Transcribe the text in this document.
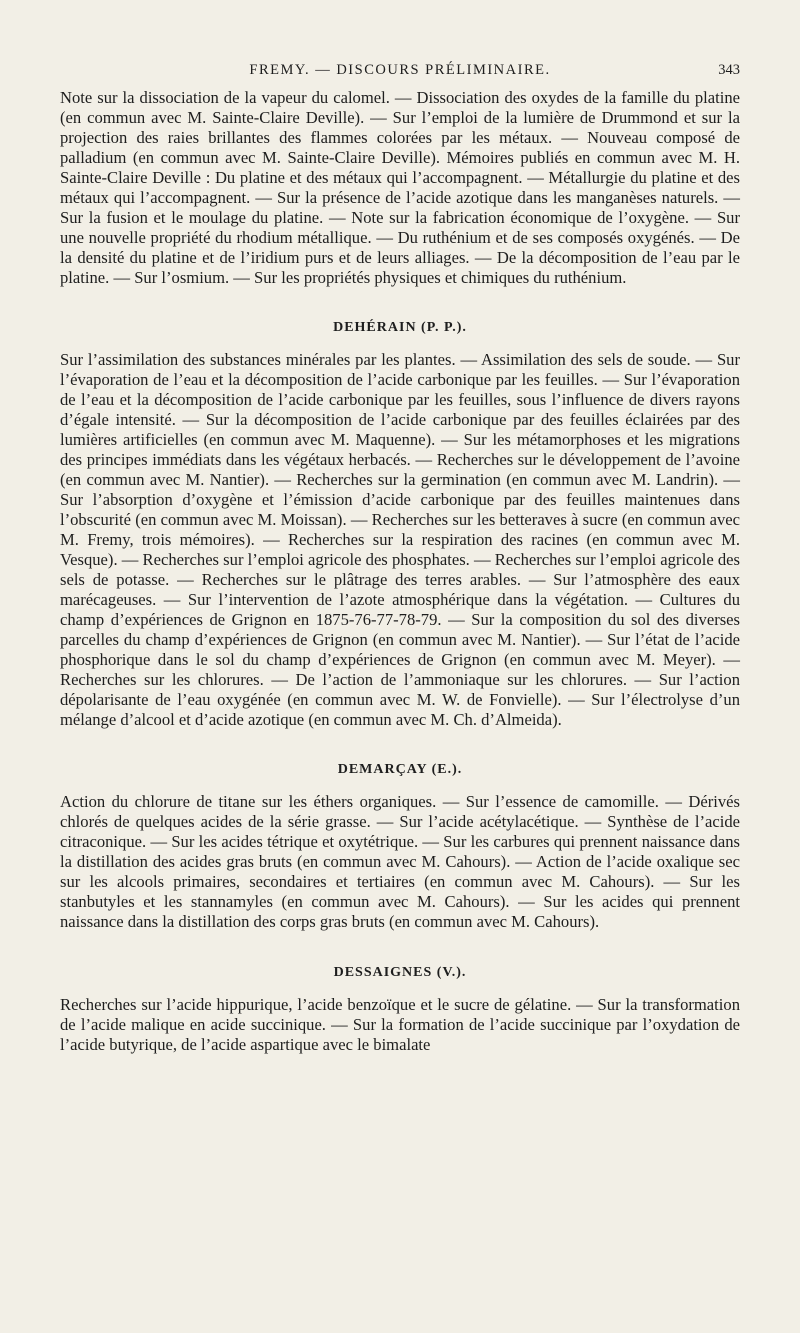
FREMY. — DISCOURS PRÉLIMINAIRE.	343

Note sur la dissociation de la vapeur du calomel. — Dissociation des oxydes de la famille du platine (en commun avec M. Sainte-Claire Deville). — Sur l’emploi de la lumière de Drummond et sur la projection des raies brillantes des flammes colorées par les métaux. — Nouveau composé de palladium (en commun avec M. Sainte-Claire Deville). Mémoires publiés en commun avec M. H. Sainte-Claire Deville : Du platine et des métaux qui l’accompagnent. — Métallurgie du platine et des métaux qui l’accompagnent. — Sur la présence de l’acide azotique dans les manganèses naturels. — Sur la fusion et le moulage du platine. — Note sur la fabrication économique de l’oxygène. — Sur une nouvelle propriété du rhodium métallique. — Du ruthénium et de ses composés oxygénés. — De la densité du platine et de l’iridium purs et de leurs alliages. — De la décomposition de l’eau par le platine. — Sur l’osmium. — Sur les propriétés physiques et chimiques du ruthénium.

DEHÉRAIN (P. P.).

Sur l’assimilation des substances minérales par les plantes. — Assimilation des sels de soude. — Sur l’évaporation de l’eau et la décomposition de l’acide carbonique par les feuilles. — Sur l’évaporation de l’eau et la décomposition de l’acide carbonique par les feuilles, sous l’influence de divers rayons d’égale intensité. — Sur la décomposition de l’acide carbonique par des feuilles éclairées par des lumières artificielles (en commun avec M. Maquenne). — Sur les métamorphoses et les migrations des principes immédiats dans les végétaux herbacés. — Recherches sur le développement de l’avoine (en commun avec M. Nantier). — Recherches sur la germination (en commun avec M. Landrin). — Sur l’absorption d’oxygène et l’émission d’acide carbonique par des feuilles maintenues dans l’obscurité (en commun avec M. Moissan). — Recherches sur les betteraves à sucre (en commun avec M. Fremy, trois mémoires). — Recherches sur la respiration des racines (en commun avec M. Vesque). — Recherches sur l’emploi agricole des phosphates. — Recherches sur l’emploi agricole des sels de potasse. — Recherches sur le plâtrage des terres arables. — Sur l’atmosphère des eaux marécageuses. — Sur l’intervention de l’azote atmosphérique dans la végétation. — Cultures du champ d’expériences de Grignon en 1875-76-77-78-79. — Sur la composition du sol des diverses parcelles du champ d’expériences de Grignon (en commun avec M. Nantier). — Sur l’état de l’acide phosphorique dans le sol du champ d’expériences de Grignon (en commun avec M. Meyer). — Recherches sur les chlorures. — De l’action de l’ammoniaque sur les chlorures. — Sur l’action dépolarisante de l’eau oxygénée (en commun avec M. W. de Fonvielle). — Sur l’électrolyse d’un mélange d’alcool et d’acide azotique (en commun avec M. Ch. d’Almeida).

DEMARÇAY (E.).

Action du chlorure de titane sur les éthers organiques. — Sur l’essence de camomille. — Dérivés chlorés de quelques acides de la série grasse. — Sur l’acide acétylacétique. — Synthèse de l’acide citraconique. — Sur les acides tétrique et oxytétrique. — Sur les carbures qui prennent naissance dans la distillation des acides gras bruts (en commun avec M. Cahours). — Action de l’acide oxalique sec sur les alcools primaires, secondaires et tertiaires (en commun avec M. Cahours). — Sur les stanbutyles et les stannamyles (en commun avec M. Cahours). — Sur les acides qui prennent naissance dans la distillation des corps gras bruts (en commun avec M. Cahours).

DESSAIGNES (V.).

Recherches sur l’acide hippurique, l’acide benzoïque et le sucre de gélatine. — Sur la transformation de l’acide malique en acide succinique. — Sur la formation de l’acide succinique par l’oxydation de l’acide butyrique, de l’acide aspartique avec le bimalate
